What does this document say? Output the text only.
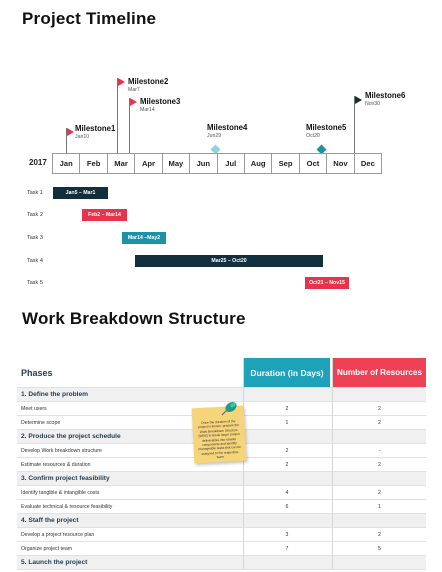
Project Timeline
Milestone1
Jan10
Milestone2
Mar7
Milestone3
Mar14
Milestone4
Jun29
Milestone5
Oct20
Milestone6
Nov30
2017	Jan	Feb	Mar	Apr	May	Jun	Jul	Aug	Sep	Oct	Nov	Dec
Task 1	Jan5 – Mar1
Task 2	Feb2 – Mar14
Task 3	Mar14 –May2
Task 4	Mar25 – Oct20
Task 5	Oct21 – Nov15
Work Breakdown Structure
Phases	Duration (in Days)	Number of Resources
1. Define the problem
Meet users	2	2
Determine scope	1	2
2. Produce the project schedule
Develop Work breakdown structure	2	-
Estimate resources & duration	2	2
3. Confirm project feasibility
Identify tangible & intangible costs	4	2
Evaluate technical & resource feasibility	6	1
4. Staff the project
Develop a project resource plan	3	2
Organize project team	7	5
5. Launch the project
Once the duration of the project is known, prepare the Work Breakdown Structure (WBS) to break larger project deliverables into smaller components and identify manageable tasks that can be assigned to the respective team
